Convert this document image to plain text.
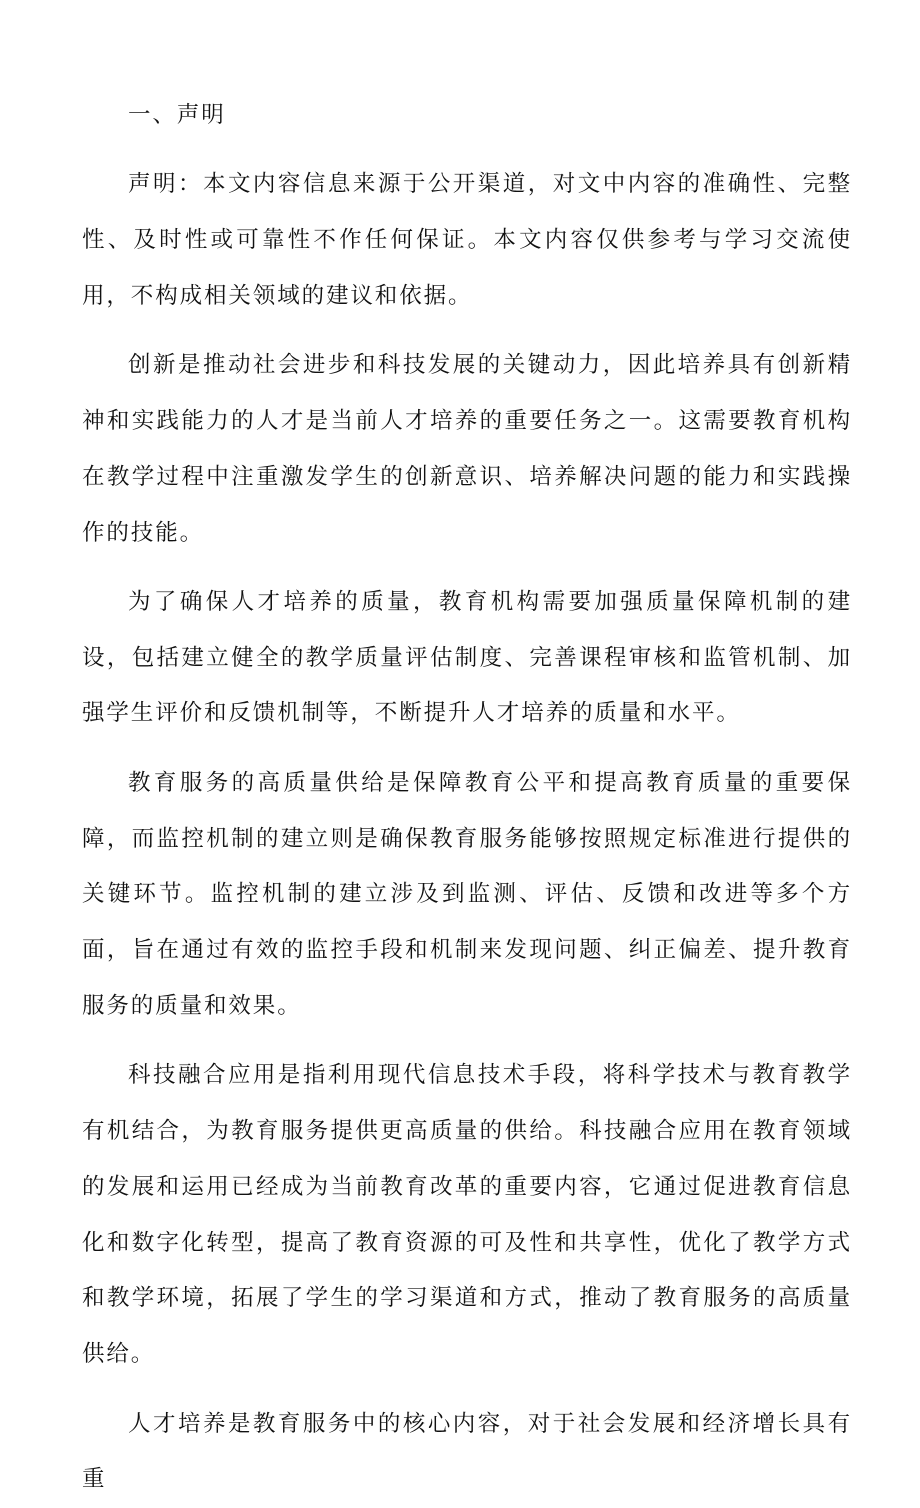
一、声明

声明：本文内容信息来源于公开渠道，对文中内容的准确性、完整性、及时性或可靠性不作任何保证。本文内容仅供参考与学习交流使用，不构成相关领域的建议和依据。

创新是推动社会进步和科技发展的关键动力，因此培养具有创新精神和实践能力的人才是当前人才培养的重要任务之一。这需要教育机构在教学过程中注重激发学生的创新意识、培养解决问题的能力和实践操作的技能。

为了确保人才培养的质量，教育机构需要加强质量保障机制的建设，包括建立健全的教学质量评估制度、完善课程审核和监管机制、加强学生评价和反馈机制等，不断提升人才培养的质量和水平。

教育服务的高质量供给是保障教育公平和提高教育质量的重要保障，而监控机制的建立则是确保教育服务能够按照规定标准进行提供的关键环节。监控机制的建立涉及到监测、评估、反馈和改进等多个方面，旨在通过有效的监控手段和机制来发现问题、纠正偏差、提升教育服务的质量和效果。

科技融合应用是指利用现代信息技术手段，将科学技术与教育教学有机结合，为教育服务提供更高质量的供给。科技融合应用在教育领域的发展和运用已经成为当前教育改革的重要内容，它通过促进教育信息化和数字化转型，提高了教育资源的可及性和共享性，优化了教学方式和教学环境，拓展了学生的学习渠道和方式，推动了教育服务的高质量供给。

人才培养是教育服务中的核心内容，对于社会发展和经济增长具有重
